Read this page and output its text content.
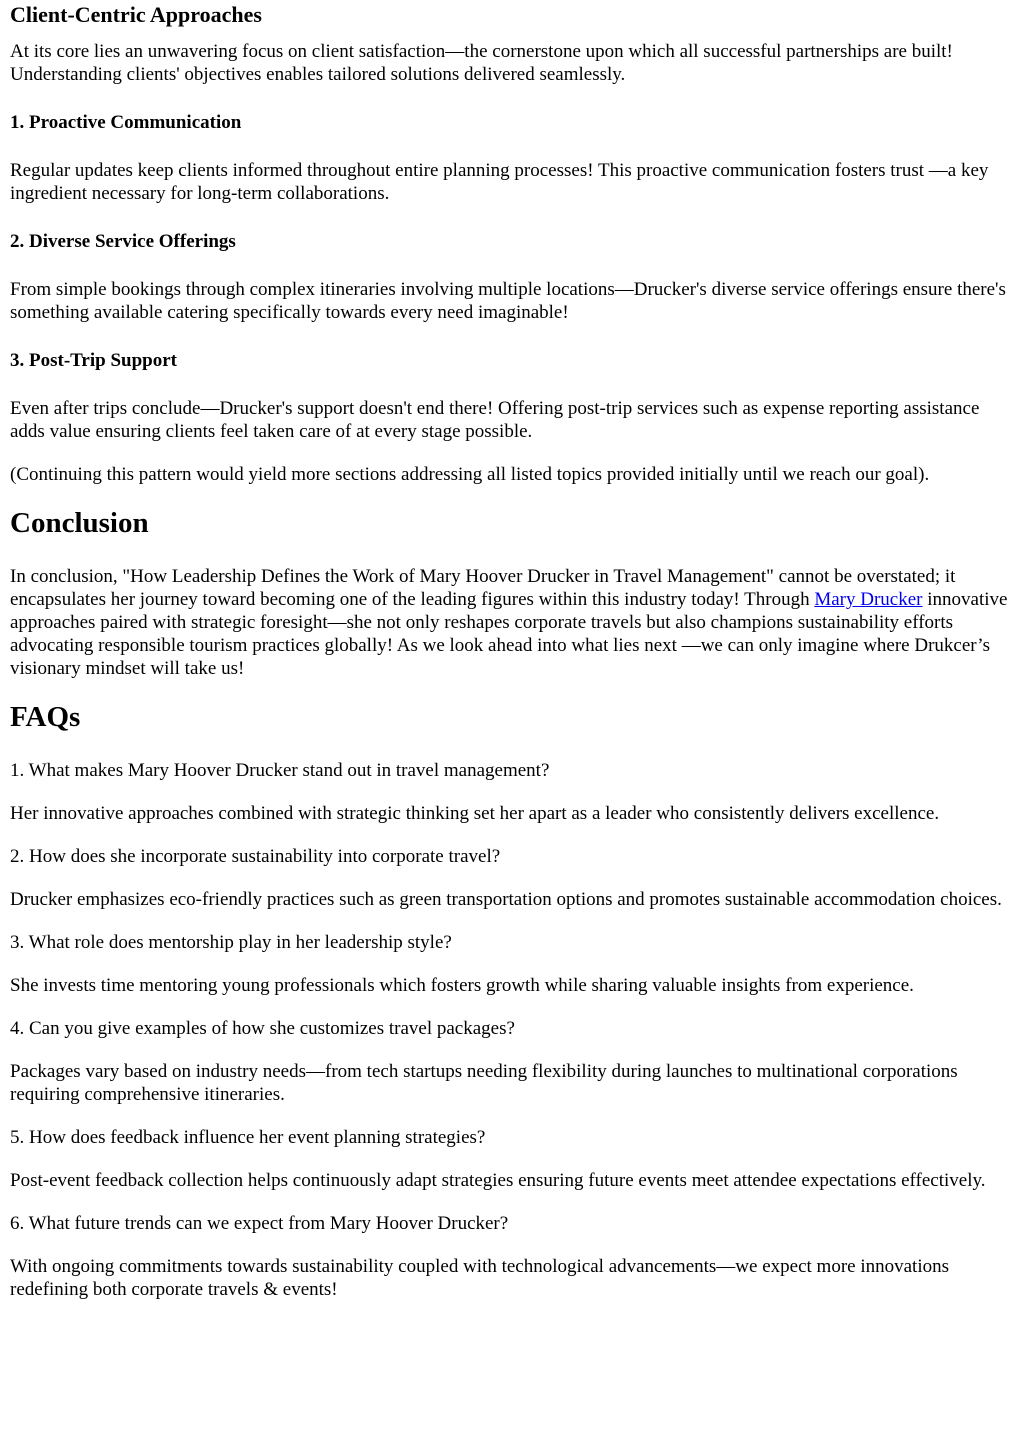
Client-Centric Approaches

At its core lies an unwavering focus on client satisfaction—the cornerstone upon which all successful partnerships are built! Understanding clients' objectives enables tailored solutions delivered seamlessly.

1. Proactive Communication

Regular updates keep clients informed throughout entire planning processes! This proactive communication fosters trust —a key ingredient necessary for long-term collaborations.

2. Diverse Service Offerings

From simple bookings through complex itineraries involving multiple locations—Drucker's diverse service offerings ensure there's something available catering specifically towards every need imaginable!

3. Post-Trip Support

Even after trips conclude—Drucker's support doesn't end there! Offering post-trip services such as expense reporting assistance adds value ensuring clients feel taken care of at every stage possible.

(Continuing this pattern would yield more sections addressing all listed topics provided initially until we reach our goal).

Conclusion

In conclusion, "How Leadership Defines the Work of Mary Hoover Drucker in Travel Management" cannot be overstated; it encapsulates her journey toward becoming one of the leading figures within this industry today! Through Mary Drucker innovative approaches paired with strategic foresight—she not only reshapes corporate travels but also champions sustainability efforts advocating responsible tourism practices globally! As we look ahead into what lies next —we can only imagine where Drukcer’s visionary mindset will take us!

FAQs

1. What makes Mary Hoover Drucker stand out in travel management?

Her innovative approaches combined with strategic thinking set her apart as a leader who consistently delivers excellence.

2. How does she incorporate sustainability into corporate travel?

Drucker emphasizes eco-friendly practices such as green transportation options and promotes sustainable accommodation choices.

3. What role does mentorship play in her leadership style?

She invests time mentoring young professionals which fosters growth while sharing valuable insights from experience.

4. Can you give examples of how she customizes travel packages?

Packages vary based on industry needs—from tech startups needing flexibility during launches to multinational corporations requiring comprehensive itineraries.

5. How does feedback influence her event planning strategies?

Post-event feedback collection helps continuously adapt strategies ensuring future events meet attendee expectations effectively.

6. What future trends can we expect from Mary Hoover Drucker?

With ongoing commitments towards sustainability coupled with technological advancements—we expect more innovations redefining both corporate travels & events!
